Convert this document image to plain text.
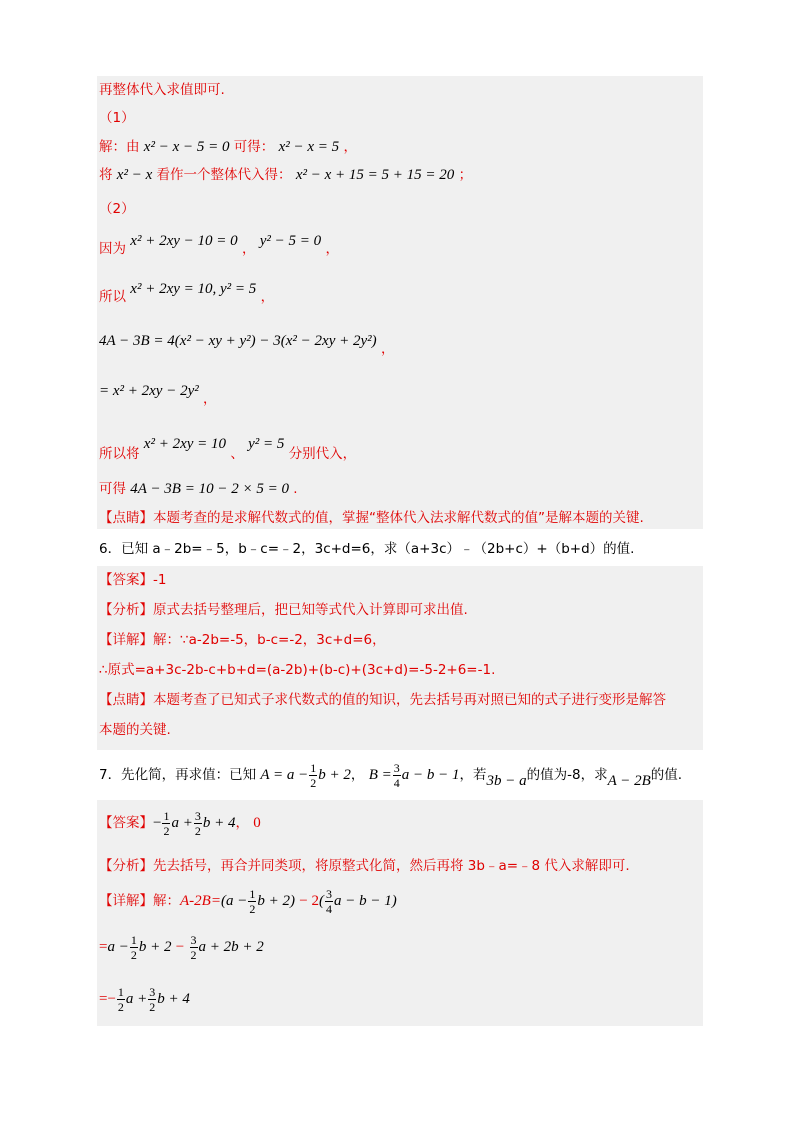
再整体代入求值即可.
（1）
解：由 x² − x − 5 = 0 可得： x² − x = 5 ，
将 x² − x 看作一个整体代入得： x² − x + 15 = 5 + 15 = 20 ；
（2）
因为 x² + 2xy − 10 = 0 ， y² − 5 = 0 ，
所以 x² + 2xy = 10, y² = 5 ，
4A − 3B = 4(x² − xy + y²) − 3(x² − 2xy + 2y²) ，
= x² + 2xy − 2y² ，
所以将 x² + 2xy = 10 、 y² = 5 分别代入，
可得 4A − 3B = 10 − 2 × 5 = 0 .
【点睛】本题考查的是求解代数式的值，掌握“整体代入法求解代数式的值”是解本题的关键.
6．已知 a﹣2b=﹣5，b﹣c=﹣2，3c+d=6，求（a+3c）﹣（2b+c）+（b+d）的值.
【答案】-1
【分析】原式去括号整理后，把已知等式代入计算即可求出值.
【详解】解：∵a-2b=-5，b-c=-2，3c+d=6，
∴原式=a+3c-2b-c+b+d=(a-2b)+(b-c)+(3c+d)=-5-2+6=-1.
【点睛】本题考查了已知式子求代数式的值的知识，先去括号再对照已知的式子进行变形是解答
本题的关键.
7．先化简，再求值：已知 $A = a - \frac{1}{2}$ b + 2， $B = \frac{3}{4}$ a − b − 1，若3b − a的值为-8，求A − 2B的值.
【答案】− $\frac{1}{2}$ $a + \frac{3}{2}$ b + 4， 0
【分析】先去括号，再合并同类项，将原整式化简，然后再将 3b﹣a=﹣8 代入求解即可.
【详解】解：$A-2B=(a - \frac{1}{2}$ $b + 2) - 2( \frac{3}{4}$ a − b − 1)
$=a - \frac{1}{2}$ $b + 2 - \frac{3}{2}$ a + 2b + 2
=− $\frac{1}{2}$ $a + \frac{3}{2}$ b + 4
